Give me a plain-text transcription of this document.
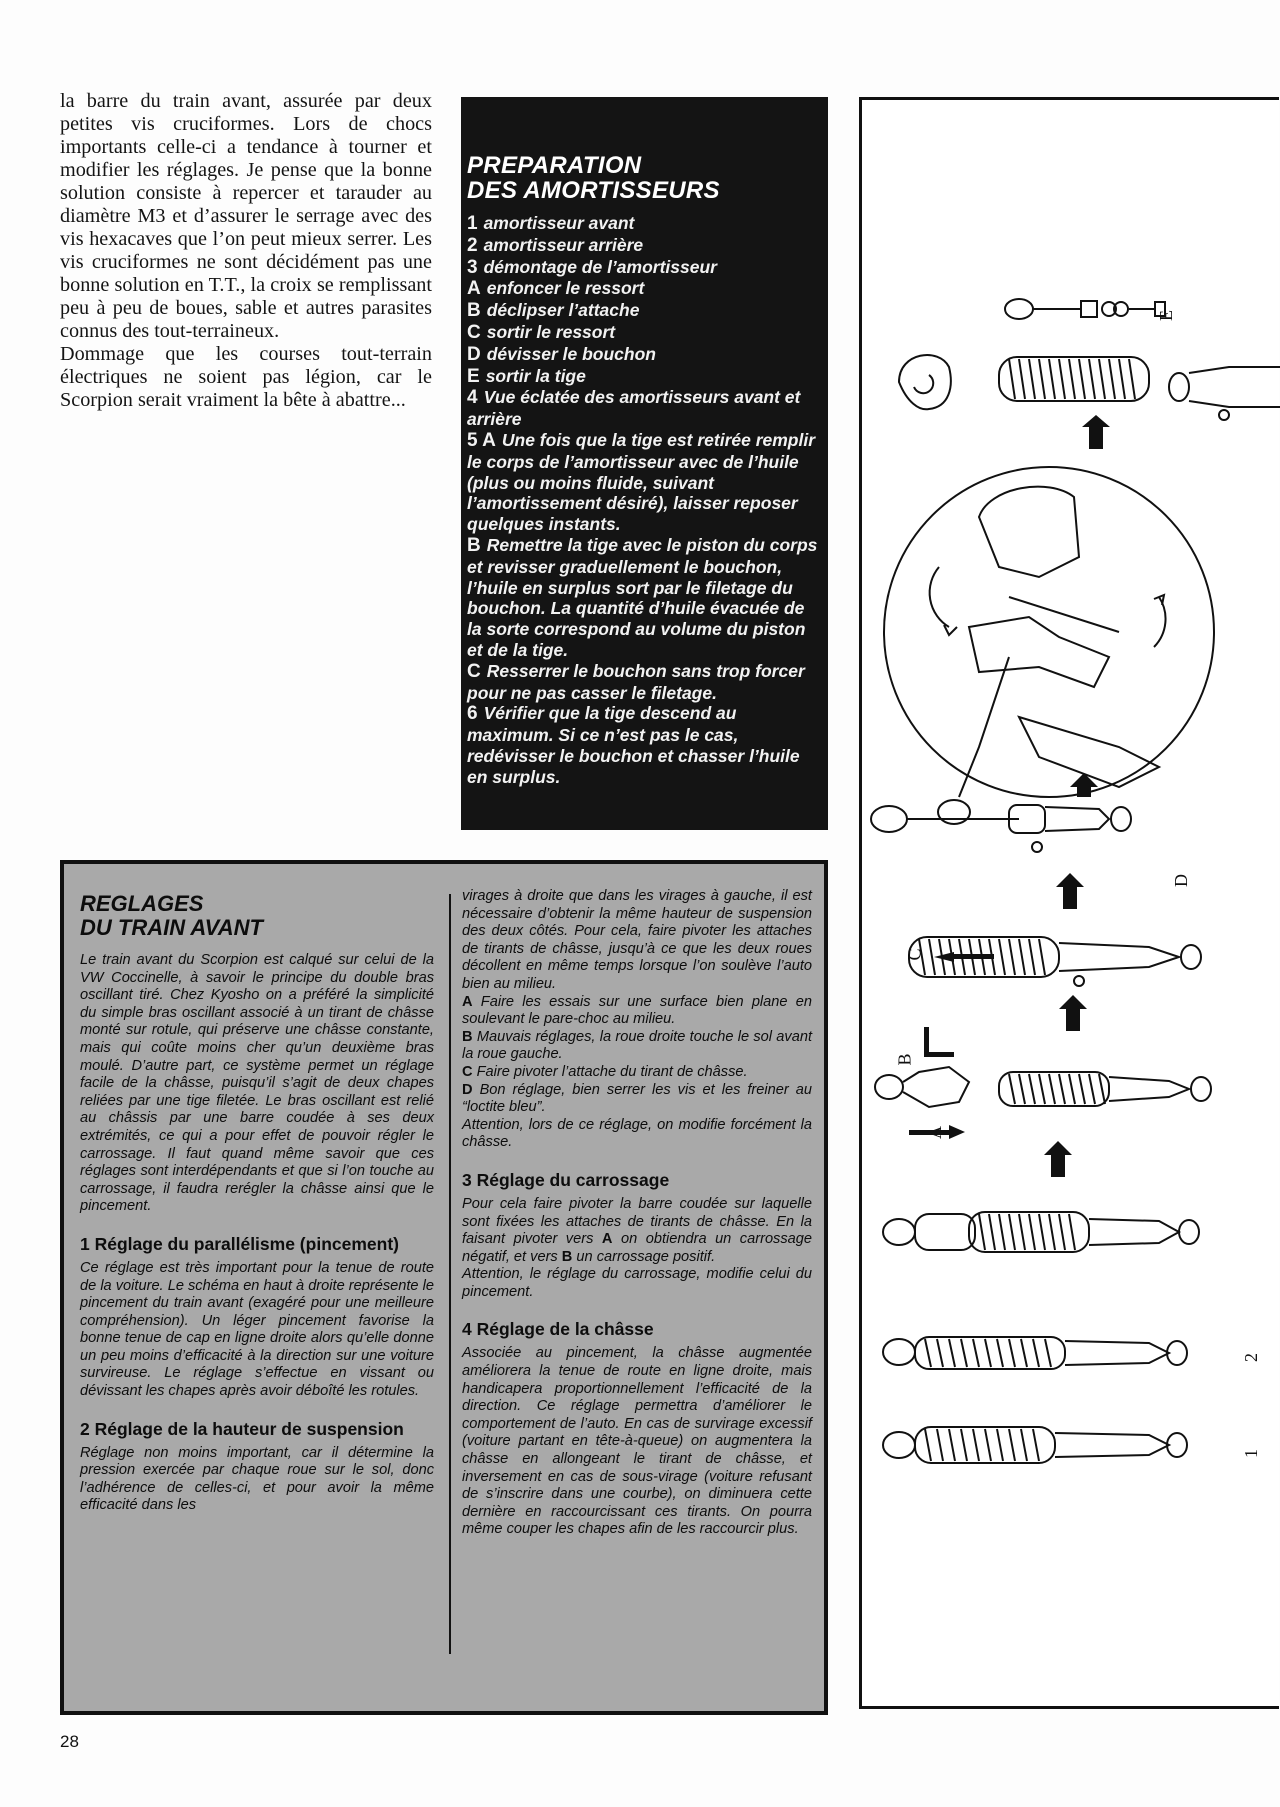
la barre du train avant, assurée par deux petites vis cruciformes. Lors de chocs importants celle-ci a tendance à tourner et modifier les réglages. Je pense que la bonne solution consiste à repercer et tarauder au diamètre M3 et d’assurer le serrage avec des vis hexacaves que l’on peut mieux serrer. Les vis cruciformes ne sont décidément pas une bonne solution en T.T., la croix se remplissant peu à peu de boues, sable et autres parasites connus des tout-terraineux.

Dommage que les courses tout-terrain électriques ne soient pas légion, car le Scorpion serait vraiment la bête à abattre...

PREPARATION
DES AMORTISSEURS
1 amortisseur avant
2 amortisseur arrière
3 démontage de l’amortisseur
A enfoncer le ressort
B déclipser l’attache
C sortir le ressort
D dévisser le bouchon
E sortir la tige
4 Vue éclatée des amortisseurs avant et arrière
5 A Une fois que la tige est retirée remplir le corps de l’amortisseur avec de l’huile (plus ou moins fluide, suivant l’amortissement désiré), laisser reposer quelques instants.
B Remettre la tige avec le piston du corps et revisser graduellement le bouchon, l’huile en surplus sort par le filetage du bouchon. La quantité d’huile évacuée de la sorte correspond au volume du piston et de la tige.
C Resserrer le bouchon sans trop forcer pour ne pas casser le filetage.
6 Vérifier que la tige descend au maximum. Si ce n’est pas le cas, redévisser le bouchon et chasser l’huile en surplus.
REGLAGES
DU TRAIN AVANT

Le train avant du Scorpion est calqué sur celui de la VW Coccinelle, à savoir le principe du double bras oscillant tiré. Chez Kyosho on a préféré la simplicité du simple bras oscillant associé à un tirant de châsse monté sur rotule, qui préserve une châsse constante, mais qui coûte moins cher qu’un deuxième bras moulé. D’autre part, ce système permet un réglage facile de la châsse, puisqu’il s’agit de deux chapes reliées par une tige filetée. Le bras oscillant est relié au châssis par une barre coudée à ses deux extrémités, ce qui a pour effet de pouvoir régler le carrossage. Il faut quand même savoir que ces réglages sont interdépendants et que si l’on touche au carrossage, il faudra rerégler la châsse ainsi que le pincement.

1 Réglage du parallélisme (pincement)

Ce réglage est très important pour la tenue de route de la voiture. Le schéma en haut à droite représente le pincement du train avant (exagéré pour une meilleure compréhension). Un léger pincement favorise la bonne tenue de cap en ligne droite alors qu’elle donne un peu moins d’efficacité à la direction sur une voiture survireuse. Le réglage s’effectue en vissant ou dévissant les chapes après avoir déboîté les rotules.

2 Réglage de la hauteur de suspension

Réglage non moins important, car il détermine la pression exercée par chaque roue sur le sol, donc l’adhérence de celles-ci, et pour avoir la même efficacité dans les

virages à droite que dans les virages à gauche, il est nécessaire d’obtenir la même hauteur de suspension des deux côtés. Pour cela, faire pivoter les attaches de tirants de châsse, jusqu’à ce que les deux roues décollent en même temps lorsque l’on soulève l’auto bien au milieu.

A Faire les essais sur une surface bien plane en soulevant le pare-choc au milieu.

B Mauvais réglages, la roue droite touche le sol avant la roue gauche.

C Faire pivoter l’attache du tirant de châsse.

D Bon réglage, bien serrer les vis et les freiner au “loctite bleu”.

Attention, lors de ce réglage, on modifie forcément la châsse.

3 Réglage du carrossage

Pour cela faire pivoter la barre coudée sur laquelle sont fixées les attaches de tirants de châsse. En la faisant pivoter vers A on obtiendra un carrossage négatif, et vers B un carrossage positif.

Attention, le réglage du carrossage, modifie celui du pincement.

4 Réglage de la châsse

Associée au pincement, la châsse augmentée améliorera la tenue de route en ligne droite, mais handicapera proportionnellement l’efficacité de la direction. Ce réglage permettra d’améliorer le comportement de l’auto. En cas de survirage excessif (voiture partant en tête-à-queue) on augmentera la châsse en allongeant le tirant de châsse, et inversement en cas de sous-virage (voiture refusant de s’inscrire dans une courbe), on diminuera cette dernière en raccourcissant ces tirants. On pourra même couper les chapes afin de les raccourcir plus.

28
E
D
C
B
A
2
1
